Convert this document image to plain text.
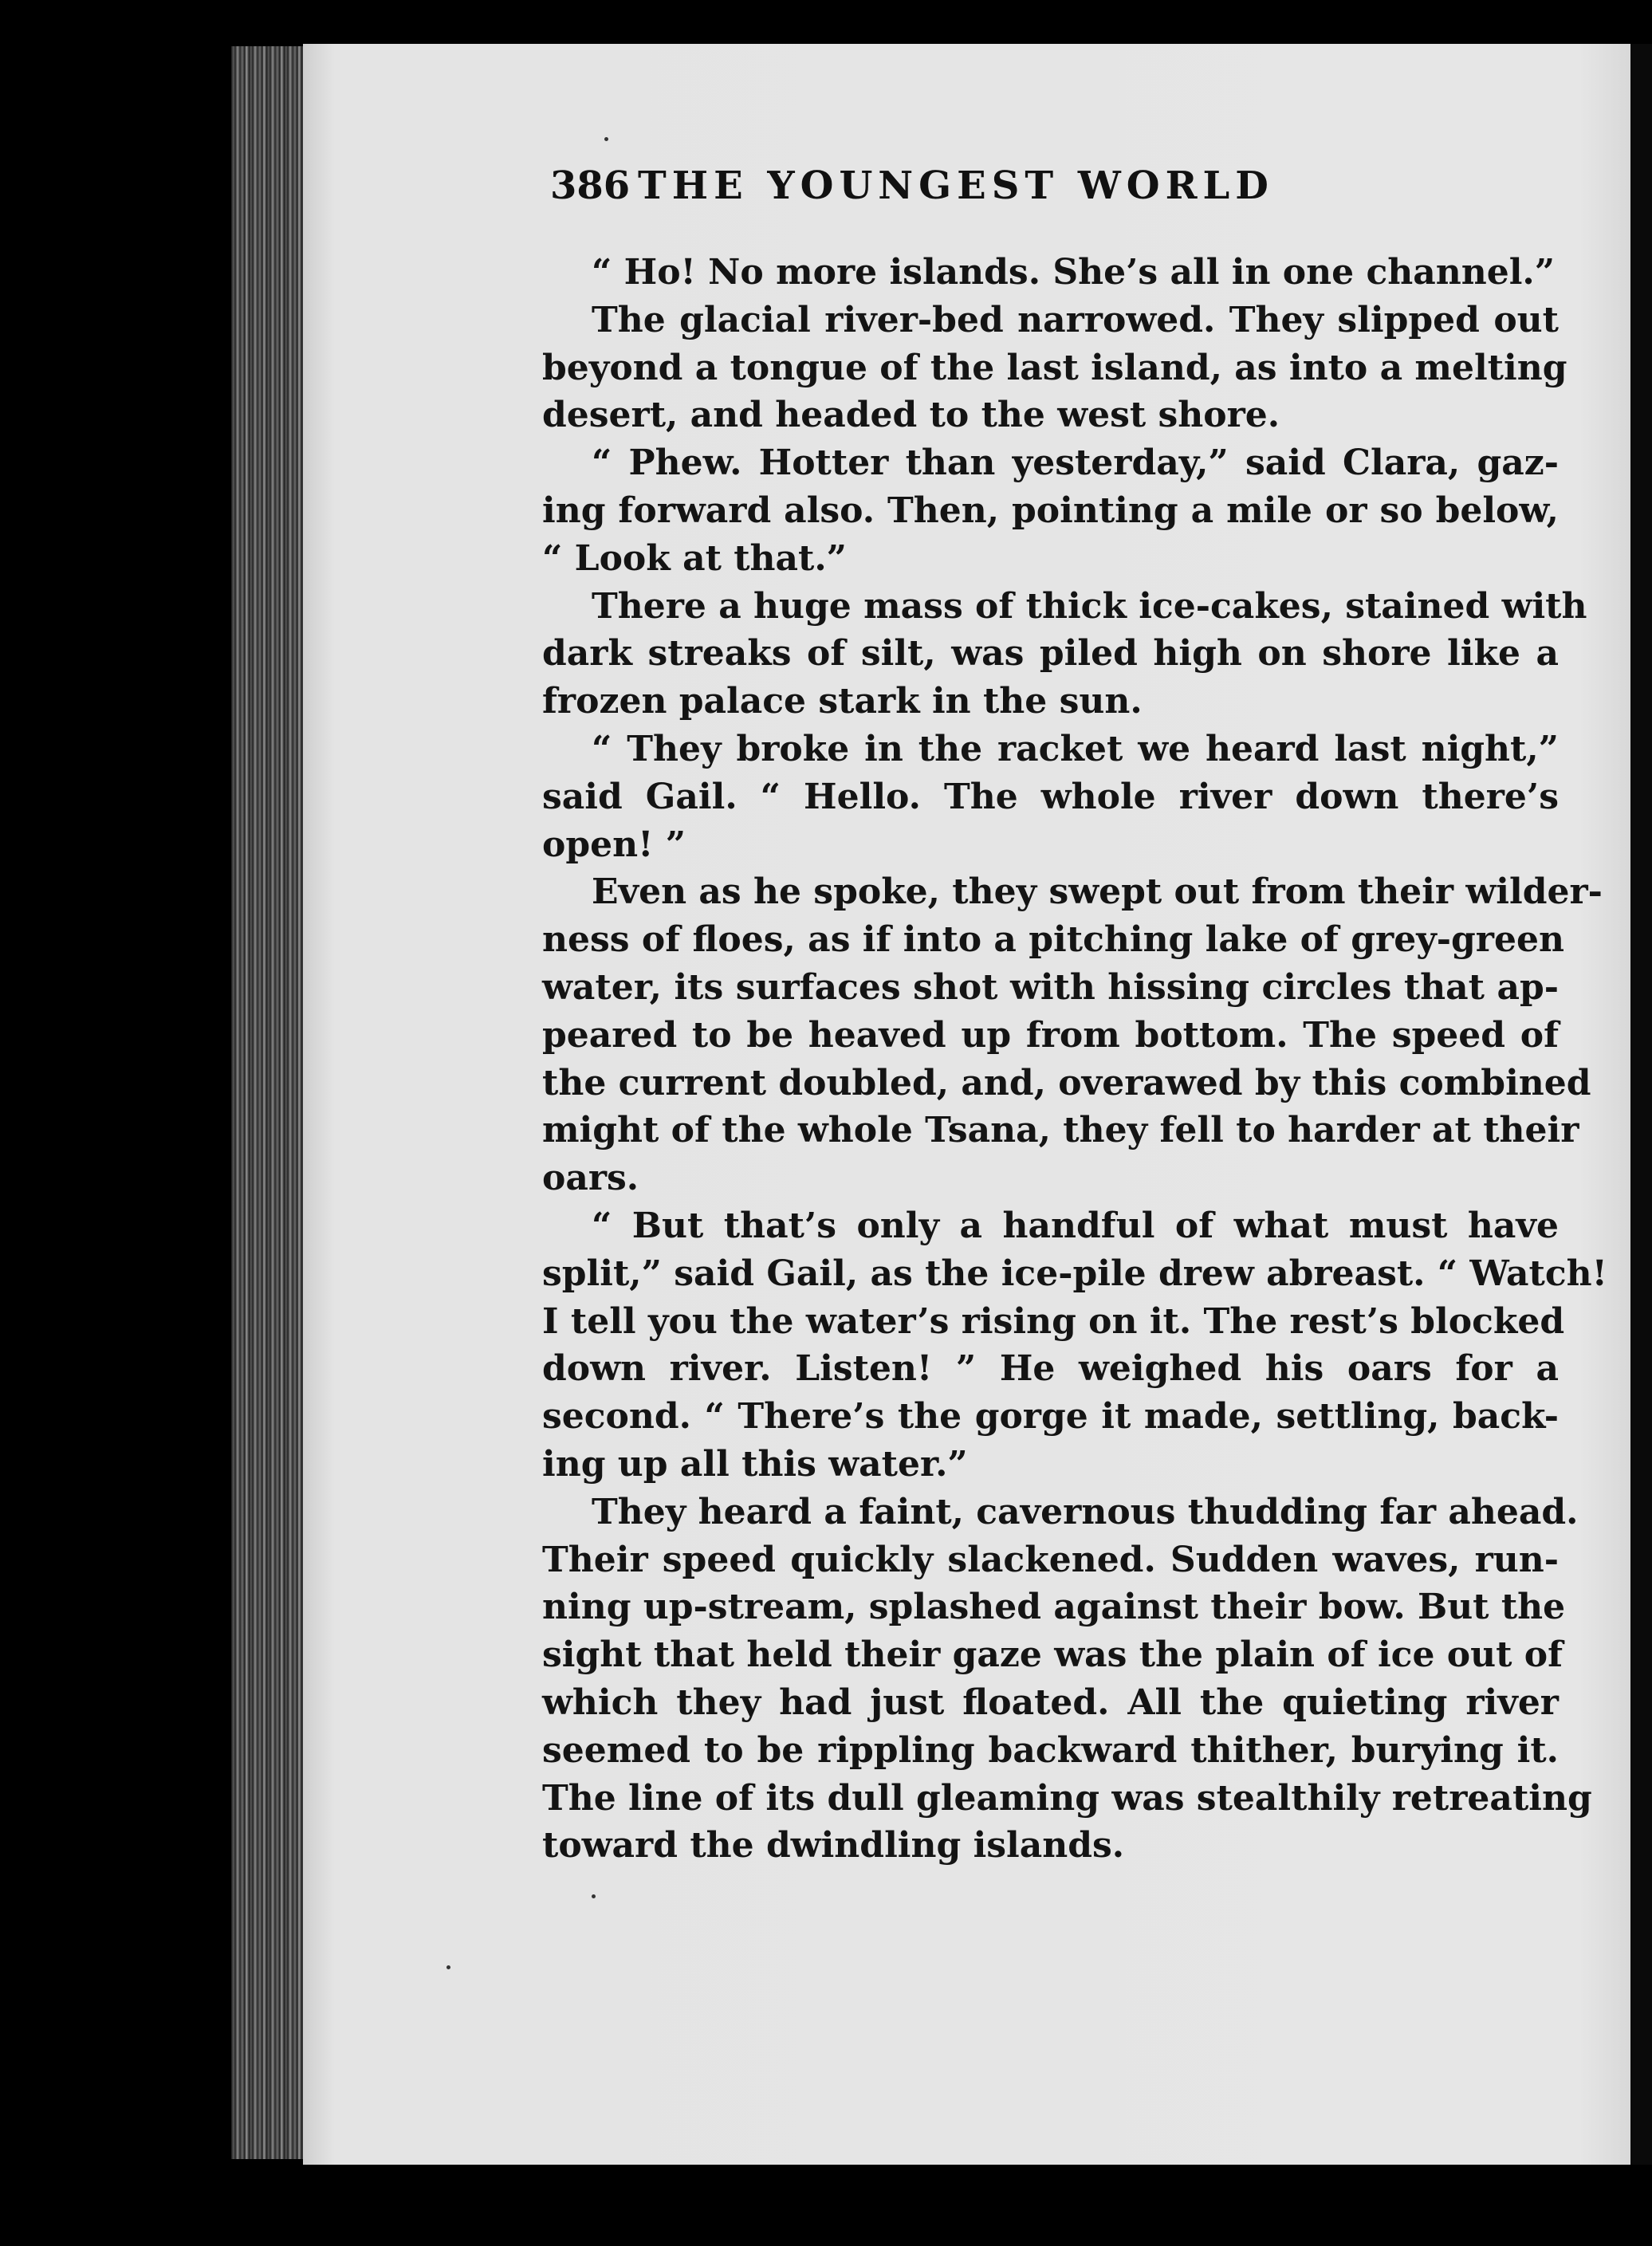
386 THE YOUNGEST WORLD
“ Ho! No more islands. She’s all in one channel.”
The glacial river-bed narrowed. They slipped out
beyond a tongue of the last island, as into a melting
desert, and headed to the west shore.
“ Phew. Hotter than yesterday,” said Clara, gaz-
ing forward also. Then, pointing a mile or so below,
“ Look at that.”
There a huge mass of thick ice-cakes, stained with
dark streaks of silt, was piled high on shore like a
frozen palace stark in the sun.
“ They broke in the racket we heard last night,”
said Gail. “ Hello. The whole river down there’s
open! ”
Even as he spoke, they swept out from their wilder-
ness of floes, as if into a pitching lake of grey-green
water, its surfaces shot with hissing circles that ap-
peared to be heaved up from bottom. The speed of
the current doubled, and, overawed by this combined
might of the whole Tsana, they fell to harder at their
oars.
“ But that’s only a handful of what must have
split,” said Gail, as the ice-pile drew abreast. “ Watch!
I tell you the water’s rising on it. The rest’s blocked
down river. Listen! ” He weighed his oars for a
second. “ There’s the gorge it made, settling, back-
ing up all this water.”
They heard a faint, cavernous thudding far ahead.
Their speed quickly slackened. Sudden waves, run-
ning up-stream, splashed against their bow. But the
sight that held their gaze was the plain of ice out of
which they had just floated. All the quieting river
seemed to be rippling backward thither, burying it.
The line of its dull gleaming was stealthily retreating
toward the dwindling islands.
